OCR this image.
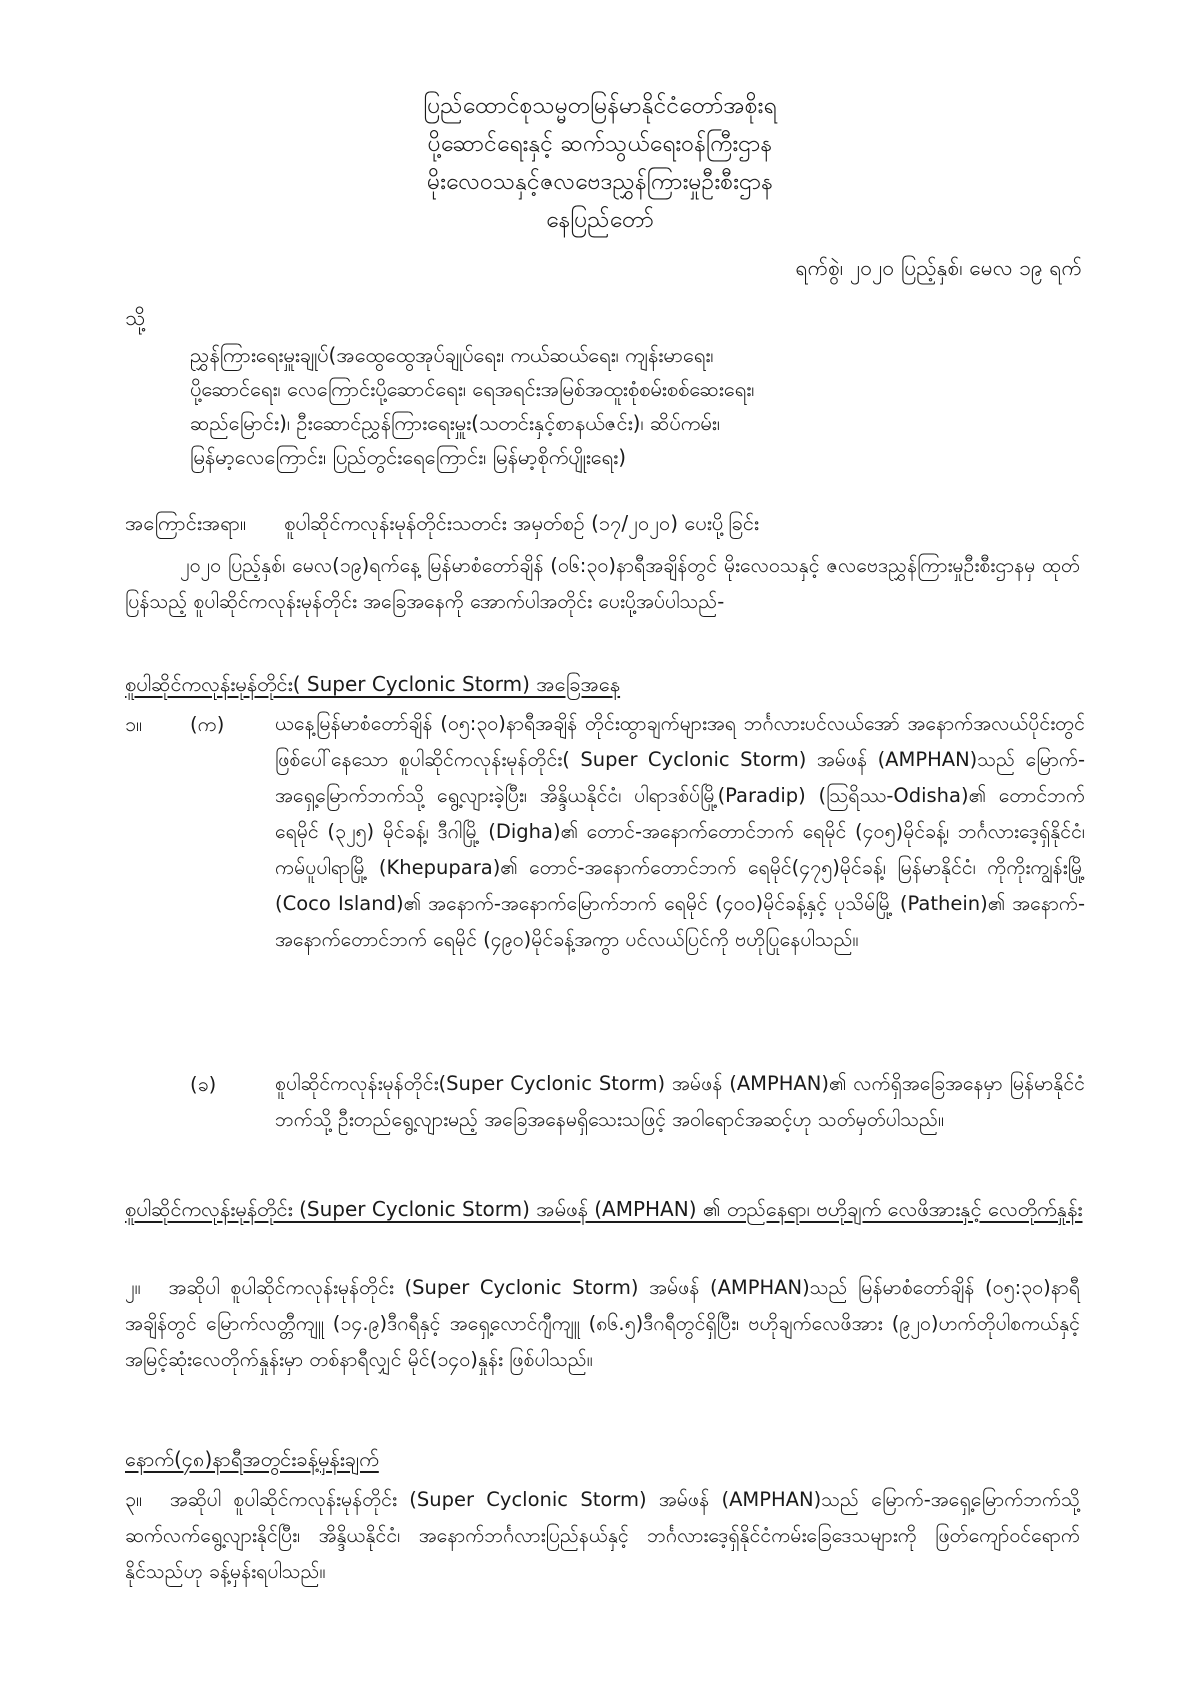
ပြည်ထောင်စုသမ္မတမြန်မာနိုင်ငံတော်အစိုးရ
ပို့ဆောင်ရေးနှင့် ဆက်သွယ်ရေးဝန်ကြီးဌာန
မိုးလေဝသနှင့်ဇလဗေဒညွှန်ကြားမှုဦးစီးဌာန
နေပြည်တော်
ရက်စွဲ၊ ၂၀၂၀ ပြည့်နှစ်၊ မေလ ၁၉ ရက်
သို့
ညွှန်ကြားရေးမှူးချုပ်(အထွေထွေအုပ်ချုပ်ရေး၊ ကယ်ဆယ်ရေး၊ ကျန်းမာရေး၊
ပို့ဆောင်ရေး၊ လေကြောင်းပို့ဆောင်ရေး၊ ရေအရင်းအမြစ်အထူးစုံစမ်းစစ်ဆေးရေး၊
ဆည်မြောင်း)၊ ဦးဆောင်ညွှန်ကြားရေးမှူး(သတင်းနှင့်စာနယ်ဇင်း)၊ ဆိပ်ကမ်း၊
မြန်မာ့လေကြောင်း၊ ပြည်တွင်းရေကြောင်း၊ မြန်မာ့စိုက်ပျိုးရေး)
အကြောင်းအရာ။ စူပါဆိုင်ကလုန်းမုန်တိုင်းသတင်း အမှတ်စဉ် (၁၇/၂၀၂၀) ပေးပို့ခြင်း
၂၀၂၀ ပြည့်နှစ်၊ မေလ(၁၉)ရက်နေ့ မြန်မာစံတော်ချိန် (၀၆:၃၀)နာရီအချိန်တွင် မိုးလေဝသနှင့် ဇလဗေဒညွှန်ကြားမှုဦးစီးဌာနမှ ထုတ်ပြန်သည့် စူပါဆိုင်ကလုန်းမုန်တိုင်း အခြေအနေကို အောက်ပါအတိုင်း ပေးပို့အပ်ပါသည်-
စူပါဆိုင်ကလုန်းမုန်တိုင်း( Super Cyclonic Storm) အခြေအနေ
၁။ (က)	ယနေ့မြန်မာစံတော်ချိန် (၀၅:၃၀)နာရီအချိန် တိုင်းထွာချက်များအရ ဘင်္ဂလားပင်လယ်အော် အနောက်အလယ်ပိုင်းတွင် ဖြစ်ပေါ်နေသော စူပါဆိုင်ကလုန်းမုန်တိုင်း( Super Cyclonic Storm) အမ်ဖန် (AMPHAN)သည် မြောက်-အရှေ့မြောက်ဘက်သို့ ရွေ့လျားခဲ့ပြီး၊ အိန္ဒိယနိုင်ငံ၊ ပါရာဒစ်ပ်မြို့(Paradip) (ဩရိဿ-Odisha)၏ တောင်ဘက် ရေမိုင် (၃၂၅) မိုင်ခန့်၊ ဒီဂါမြို့ (Digha)၏ တောင်-အနောက်တောင်ဘက် ရေမိုင် (၄၀၅)မိုင်ခန့်၊ ဘင်္ဂလားဒေ့ရှ်နိုင်ငံ၊ ကမ်ပူပါရာမြို့ (Khepupara)၏ တောင်-အနောက်တောင်ဘက် ရေမိုင်(၄၇၅)မိုင်ခန့်၊ မြန်မာနိုင်ငံ၊ ကိုကိုးကျွန်းမြို့ (Coco Island)၏ အနောက်-အနောက်မြောက်ဘက် ရေမိုင် (၄၀၀)မိုင်ခန့်နှင့် ပုသိမ်မြို့ (Pathein)၏ အနောက်-အနောက်တောင်ဘက် ရေမိုင် (၄၉၀)မိုင်ခန့်အကွာ ပင်လယ်ပြင်ကို ဗဟိုပြုနေပါသည်။
(ခ)	စူပါဆိုင်ကလုန်းမုန်တိုင်း(Super Cyclonic Storm) အမ်ဖန် (AMPHAN)၏ လက်ရှိအခြေအနေမှာ မြန်မာနိုင်ငံဘက်သို့ ဦးတည်ရွေ့လျားမည့် အခြေအနေမရှိသေးသဖြင့် အဝါရောင်အဆင့်ဟု သတ်မှတ်ပါသည်။
စူပါဆိုင်ကလုန်းမုန်တိုင်း (Super Cyclonic Storm) အမ်ဖန် (AMPHAN) ၏ တည်နေရာ၊ ဗဟိုချက် လေဖိအားနှင့် လေတိုက်နှုန်း
၂။ အဆိုပါ စူပါဆိုင်ကလုန်းမုန်တိုင်း (Super Cyclonic Storm) အမ်ဖန် (AMPHAN)သည် မြန်မာစံတော်ချိန် (၀၅:၃၀)နာရီအချိန်တွင် မြောက်လတ္တီကျူ (၁၄.၉)ဒီဂရီနှင့် အရှေ့လောင်ဂျီကျူ (၈၆.၅)ဒီဂရီတွင်ရှိပြီး၊ ဗဟိုချက်လေဖိအား (၉၂၀)ဟက်တိုပါစကယ်နှင့် အမြင့်ဆုံးလေတိုက်နှုန်းမှာ တစ်နာရီလျှင် မိုင်(၁၄၀)နှုန်း ဖြစ်ပါသည်။
နောက်(၄၈)နာရီအတွင်းခန့်မှန်းချက်
၃။ အဆိုပါ စူပါဆိုင်ကလုန်းမုန်တိုင်း (Super Cyclonic Storm) အမ်ဖန် (AMPHAN)သည် မြောက်-အရှေ့မြောက်ဘက်သို့ ဆက်လက်ရွေ့လျားနိုင်ပြီး၊ အိန္ဒိယနိုင်ငံ၊ အနောက်ဘင်္ဂလားပြည်နယ်နှင့် ဘင်္ဂလားဒေ့ရှ်နိုင်ငံကမ်းခြေဒေသများကို ဖြတ်ကျော်ဝင်ရောက်နိုင်သည်ဟု ခန့်မှန်းရပါသည်။
